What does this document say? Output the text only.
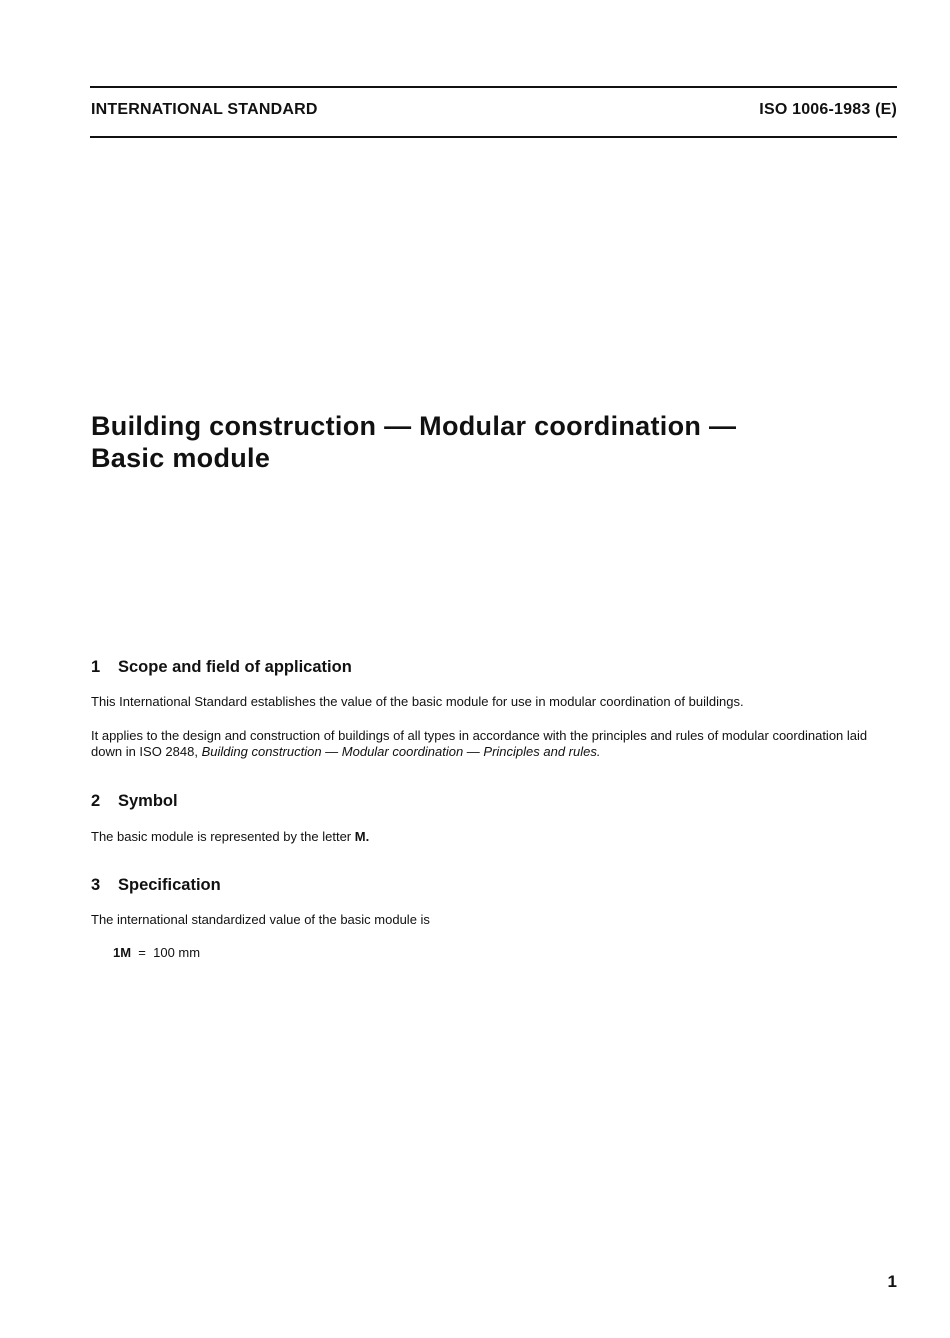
INTERNATIONAL STANDARD	ISO 1006-1983 (E)
Building construction — Modular coordination —
Basic module
1 Scope and field of application

This International Standard establishes the value of the basic module for use in modular coordination of buildings.

It applies to the design and construction of buildings of all types in accordance with the principles and rules of modular coordination laid down in ISO 2848, Building construction — Modular coordination — Principles and rules.

2 Symbol

The basic module is represented by the letter M.

3 Specification

The international standardized value of the basic module is

1M = 100 mm
1
